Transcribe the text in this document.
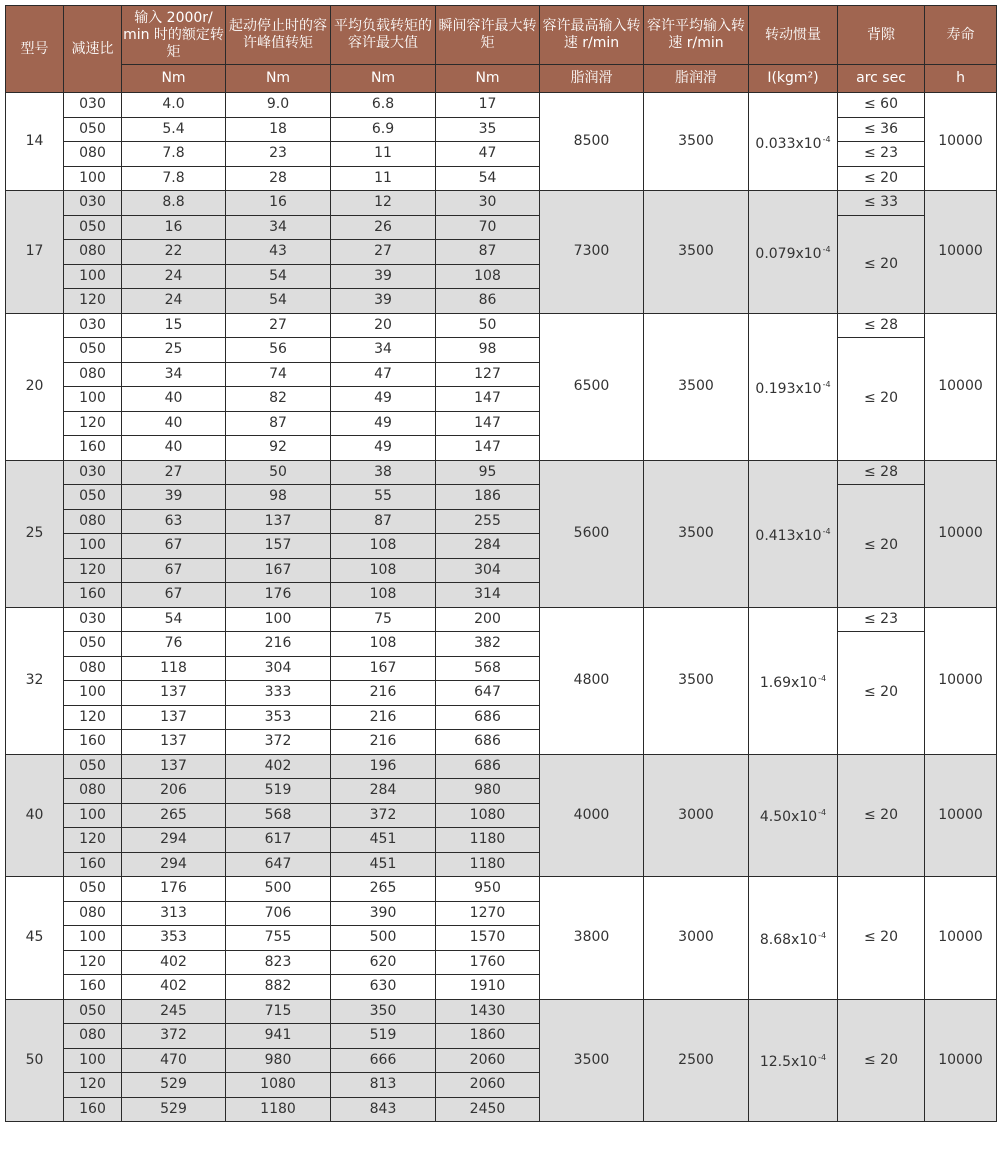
型号	减速比	输入 2000r/ min 时的额定转矩	起动停止时的容许峰值转矩	平均负载转矩的容许最大值	瞬间容许最大转矩	容许最高输入转速 r/min	容许平均输入转速 r/min	转动惯量	背隙	寿命
		Nm	Nm	Nm	Nm	脂润滑	脂润滑	I(kgm²)	arc sec	h
14	030	4.0	9.0	6.8	17	8500	3500	$0.033x10^{-4}$	≤ 60	10000
	050	5.4	18	6.9	35				≤ 36	
	080	7.8	23	11	47				≤ 23	
	100	7.8	28	11	54				≤ 20	
17	030	8.8	16	12	30	7300	3500	$0.079x10^{-4}$	≤ 33	10000
	050	16	34	26	70				≤ 20	
	080	22	43	27	87					
	100	24	54	39	108					
	120	24	54	39	86					
20	030	15	27	20	50	6500	3500	$0.193x10^{-4}$	≤ 28	10000
	050	25	56	34	98				≤ 20	
	080	34	74	47	127					
	100	40	82	49	147					
	120	40	87	49	147					
	160	40	92	49	147					
25	030	27	50	38	95	5600	3500	$0.413x10^{-4}$	≤ 28	10000
	050	39	98	55	186				≤ 20	
	080	63	137	87	255					
	100	67	157	108	284					
	120	67	167	108	304					
	160	67	176	108	314					
32	030	54	100	75	200	4800	3500	$1.69x10^{-4}$	≤ 23	10000
	050	76	216	108	382				≤ 20	
	080	118	304	167	568					
	100	137	333	216	647					
	120	137	353	216	686					
	160	137	372	216	686					
40	050	137	402	196	686	4000	3000	$4.50x10^{-4}$	≤ 20	10000
	080	206	519	284	980					
	100	265	568	372	1080					
	120	294	617	451	1180					
	160	294	647	451	1180					
45	050	176	500	265	950	3800	3000	$8.68x10^{-4}$	≤ 20	10000
	080	313	706	390	1270					
	100	353	755	500	1570					
	120	402	823	620	1760					
	160	402	882	630	1910					
50	050	245	715	350	1430	3500	2500	$12.5x10^{-4}$	≤ 20	10000
	080	372	941	519	1860					
	100	470	980	666	2060					
	120	529	1080	813	2060					
	160	529	1180	843	2450					
